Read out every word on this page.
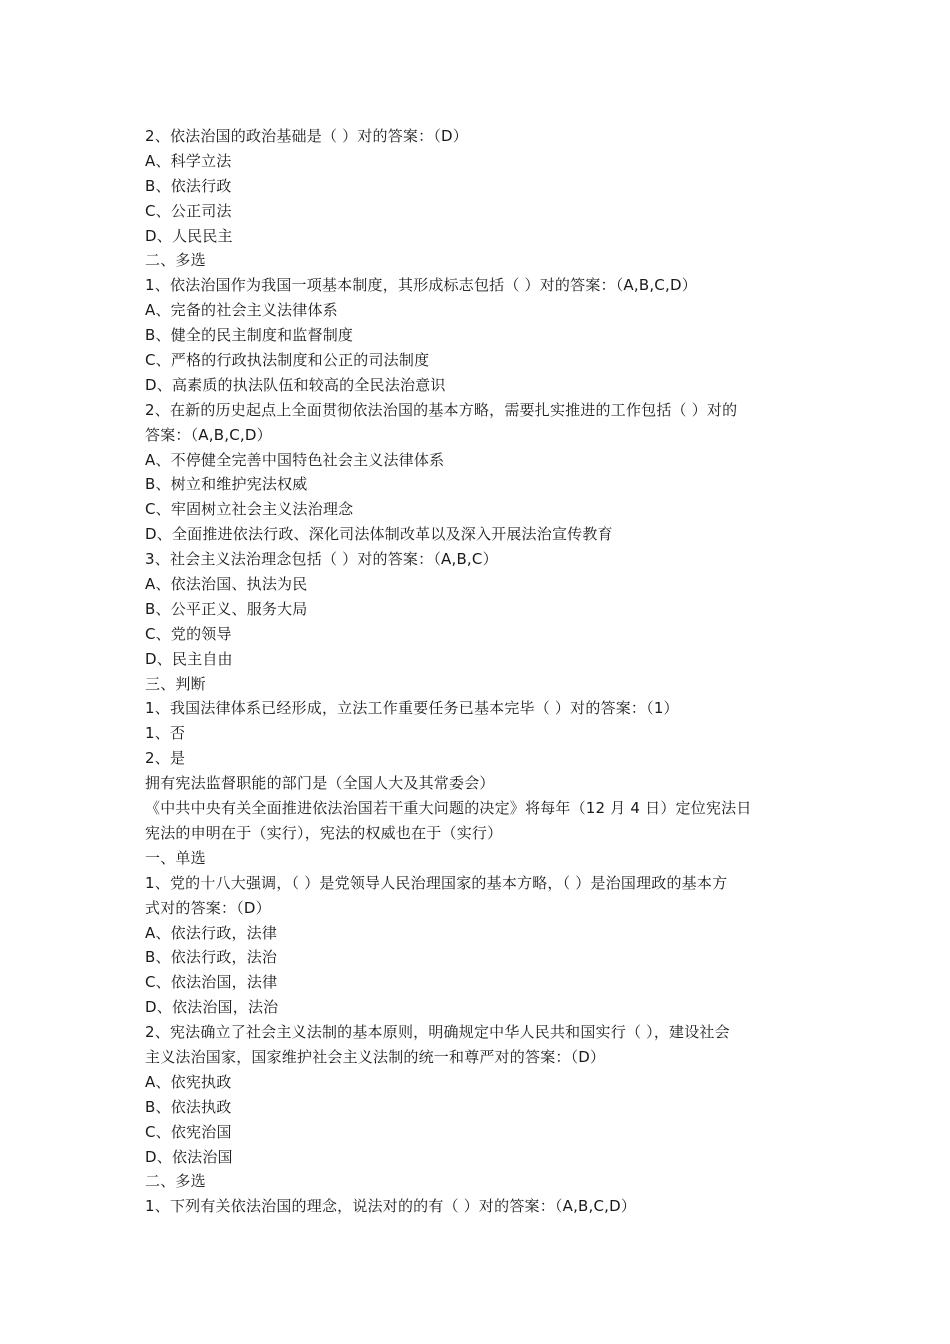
2、依法治国的政治基础是（ ）对的答案：（D）
A、科学立法
B、依法行政
C、公正司法
D、人民民主
二、多选
1、依法治国作为我国一项基本制度，其形成标志包括（ ）对的答案：（A,B,C,D）
A、完备的社会主义法律体系
B、健全的民主制度和监督制度
C、严格的行政执法制度和公正的司法制度
D、高素质的执法队伍和较高的全民法治意识
2、在新的历史起点上全面贯彻依法治国的基本方略，需要扎实推进的工作包括（ ）对的
答案：（A,B,C,D）
A、不停健全完善中国特色社会主义法律体系
B、树立和维护宪法权威
C、牢固树立社会主义法治理念
D、全面推进依法行政、深化司法体制改革以及深入开展法治宣传教育
3、社会主义法治理念包括（ ）对的答案：（A,B,C）
A、依法治国、执法为民
B、公平正义、服务大局
C、党的领导
D、民主自由
三、判断
1、我国法律体系已经形成，立法工作重要任务已基本完毕（ ）对的答案：（1）
1、否
2、是
拥有宪法监督职能的部门是（全国人大及其常委会）
《中共中央有关全面推进依法治国若干重大问题的决定》将每年（12 月 4 日）定位宪法日
宪法的申明在于（实行），宪法的权威也在于（实行）
一、单选
1、党的十八大强调，（ ）是党领导人民治理国家的基本方略，（ ）是治国理政的基本方
式对的答案：（D）
A、依法行政，法律
B、依法行政，法治
C、依法治国，法律
D、依法治国，法治
2、宪法确立了社会主义法制的基本原则，明确规定中华人民共和国实行（ ），建设社会
主义法治国家，国家维护社会主义法制的统一和尊严对的答案：（D）
A、依宪执政
B、依法执政
C、依宪治国
D、依法治国
二、多选
1、下列有关依法治国的理念，说法对的的有（ ）对的答案：（A,B,C,D）
